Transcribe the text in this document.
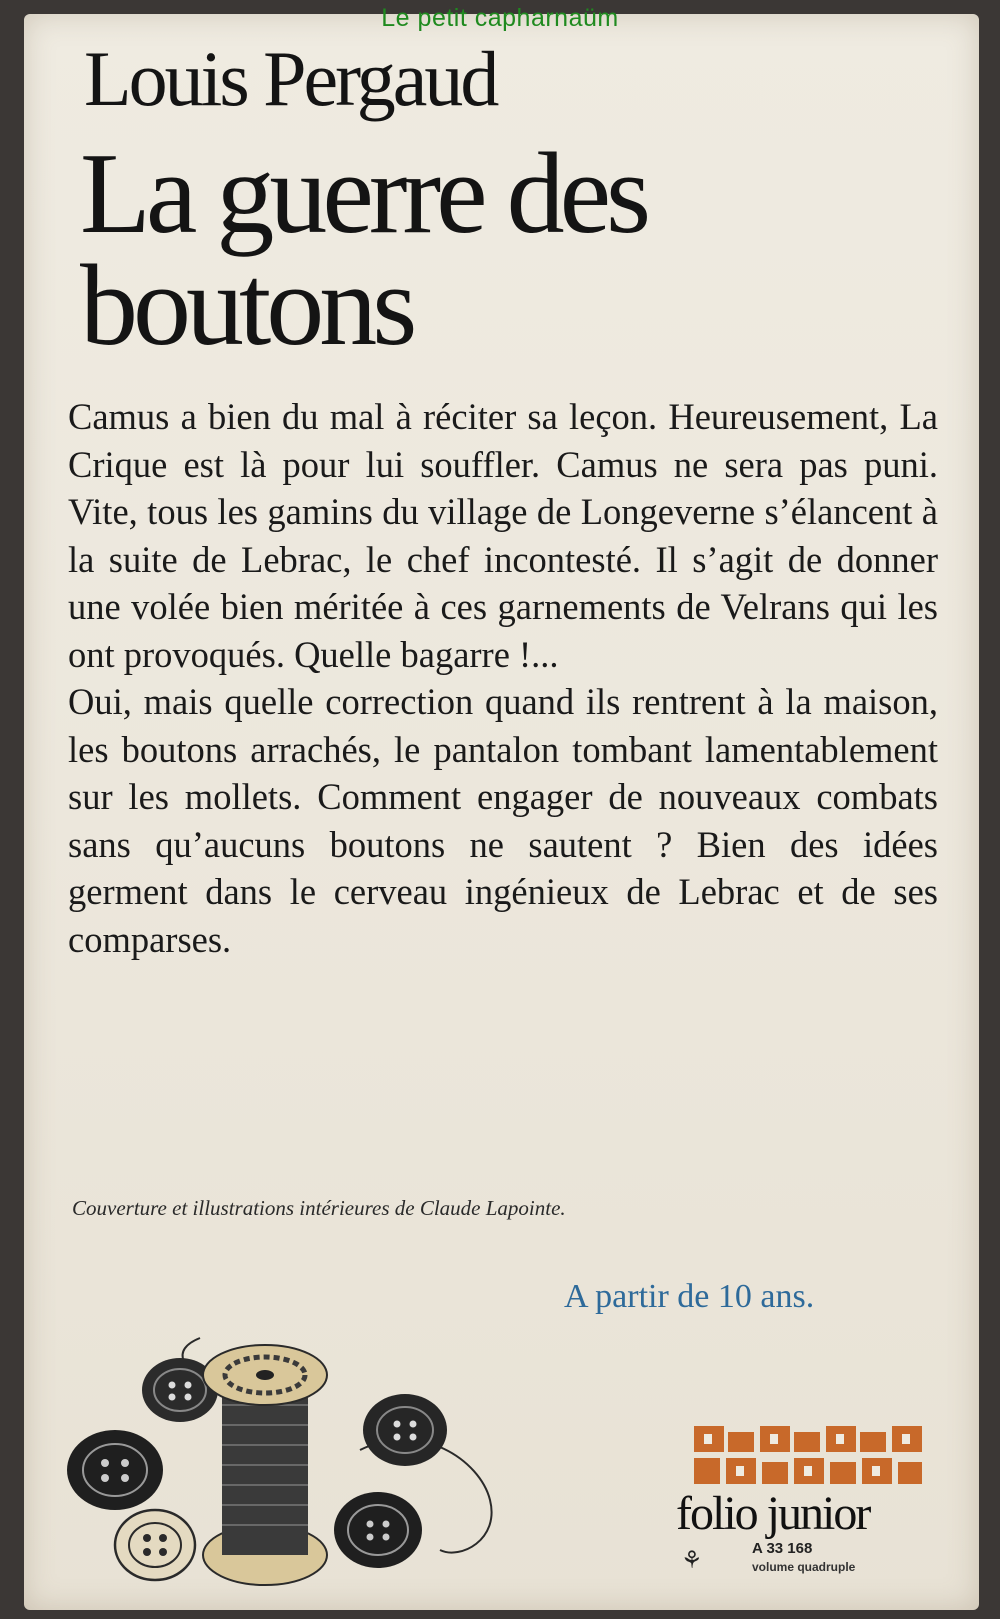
Le petit capharnaüm
Louis Pergaud
La guerre des boutons

Camus a bien du mal à réciter sa leçon. Heureusement, La Crique est là pour lui souffler. Camus ne sera pas puni. Vite, tous les gamins du village de Longeverne s’élancent à la suite de Lebrac, le chef incontesté. Il s’agit de donner une volée bien méritée à ces garnements de Velrans qui les ont provoqués. Quelle bagarre !...

Oui, mais quelle correction quand ils rentrent à la maison, les boutons arrachés, le pantalon tombant lamentablement sur les mollets. Comment engager de nouveaux combats sans qu’aucuns boutons ne sautent ? Bien des idées germent dans le cerveau ingénieux de Lebrac et de ses comparses.

Couverture et illustrations intérieures de Claude Lapointe.
A partir de 10 ans.
folio junior
⚘	A 33 168
volume quadruple
